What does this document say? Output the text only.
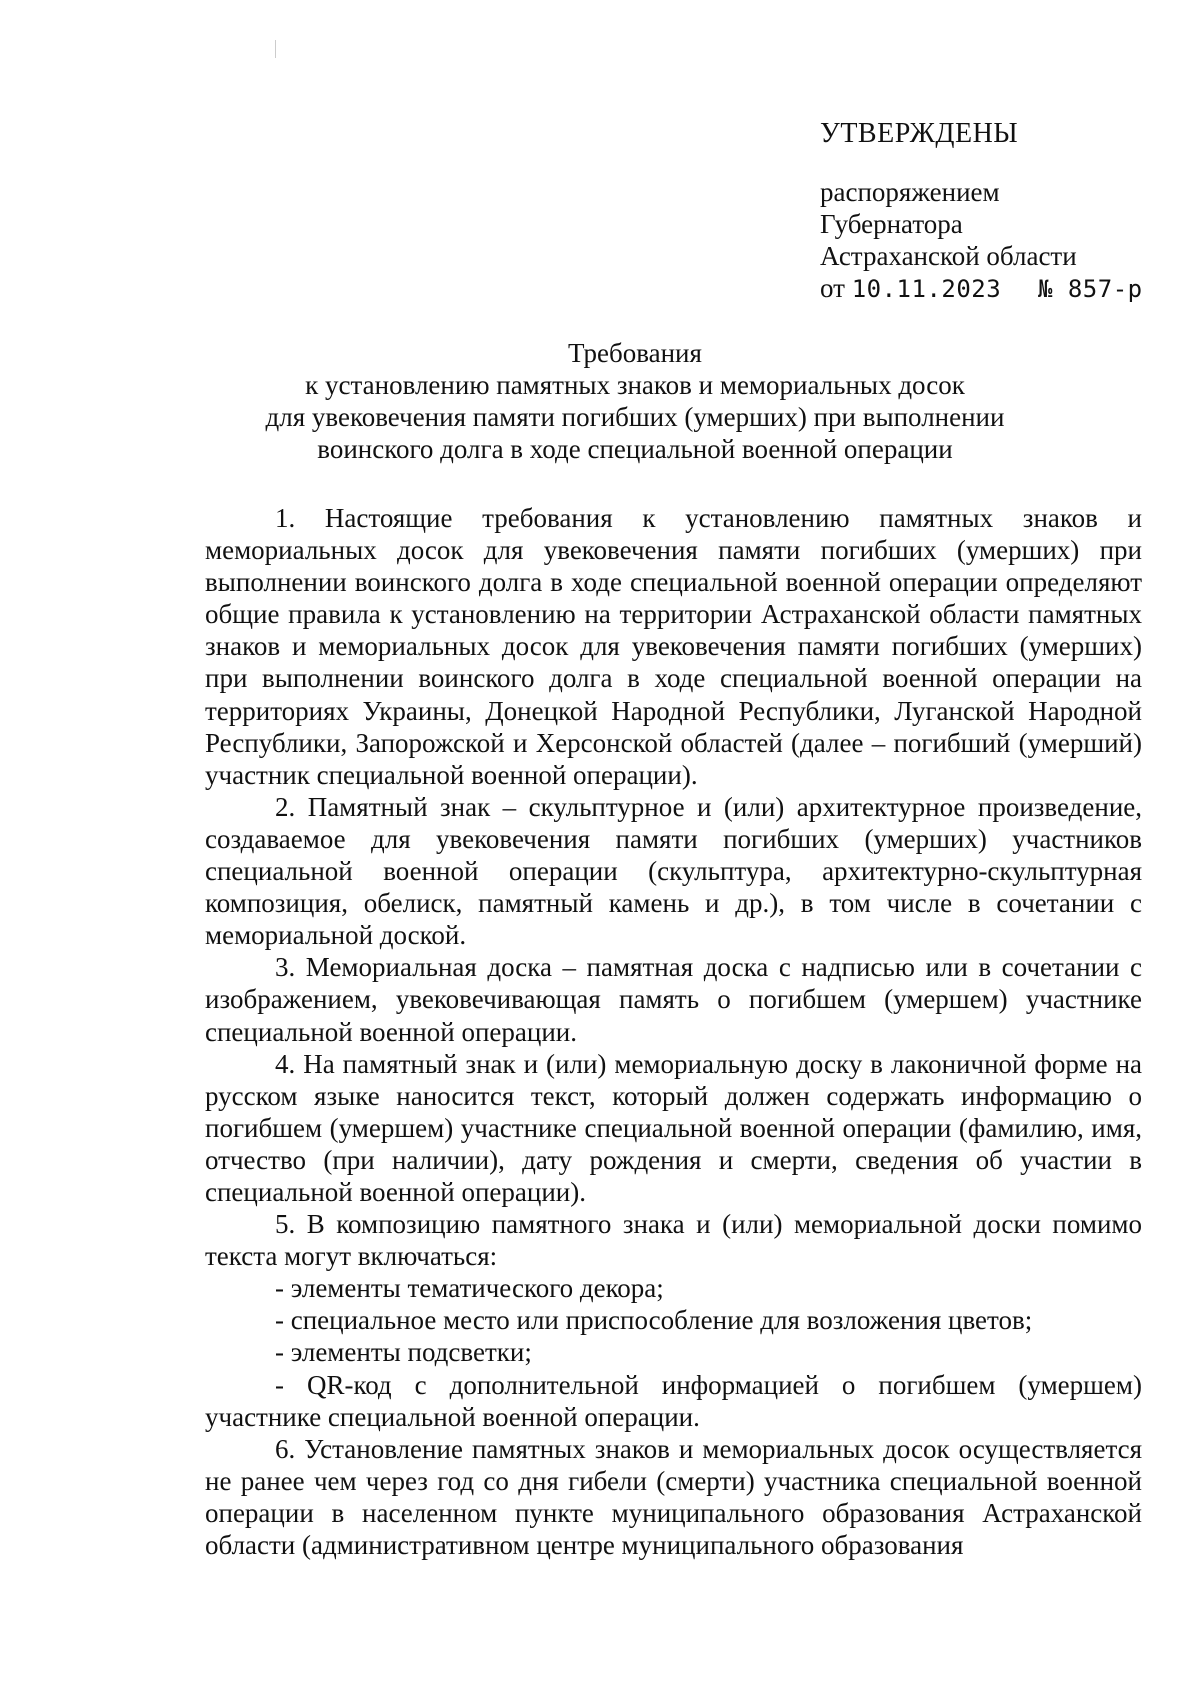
УТВЕРЖДЕНЫ
распоряжением
Губернатора
Астраханской области
от 10.11.2023 № 857-р
Требования
к установлению памятных знаков и мемориальных досок
для увековечения памяти погибших (умерших) при выполнении
воинского долга в ходе специальной военной операции

1. Настоящие требования к установлению памятных знаков и мемориальных досок для увековечения памяти погибших (умерших) при выполнении воинского долга в ходе специальной военной операции определяют общие правила к установлению на территории Астраханской области памятных знаков и мемориальных досок для увековечения памяти погибших (умерших) при выполнении воинского долга в ходе специальной военной операции на территориях Украины, Донецкой Народной Республики, Луганской Народной Республики, Запорожской и Херсонской областей (далее – погибший (умерший) участник специальной военной операции).

2. Памятный знак – скульптурное и (или) архитектурное произведение, создаваемое для увековечения памяти погибших (умерших) участников специальной военной операции (скульптура, архитектурно-скульптурная композиция, обелиск, памятный камень и др.), в том числе в сочетании с мемориальной доской.

3. Мемориальная доска – памятная доска с надписью или в сочетании с изображением, увековечивающая память о погибшем (умершем) участнике специальной военной операции.

4. На памятный знак и (или) мемориальную доску в лаконичной форме на русском языке наносится текст, который должен содержать информацию о погибшем (умершем) участнике специальной военной операции (фамилию, имя, отчество (при наличии), дату рождения и смерти, сведения об участии в специальной военной операции).

5. В композицию памятного знака и (или) мемориальной доски помимо текста могут включаться:

- элементы тематического декора;

- специальное место или приспособление для возложения цветов;

- элементы подсветки;

- QR-код с дополнительной информацией о погибшем (умершем) участнике специальной военной операции.

6. Установление памятных знаков и мемориальных досок осуществляется не ранее чем через год со дня гибели (смерти) участника специальной военной операции в населенном пункте муниципального образования Астраханской области (административном центре муниципального образования
